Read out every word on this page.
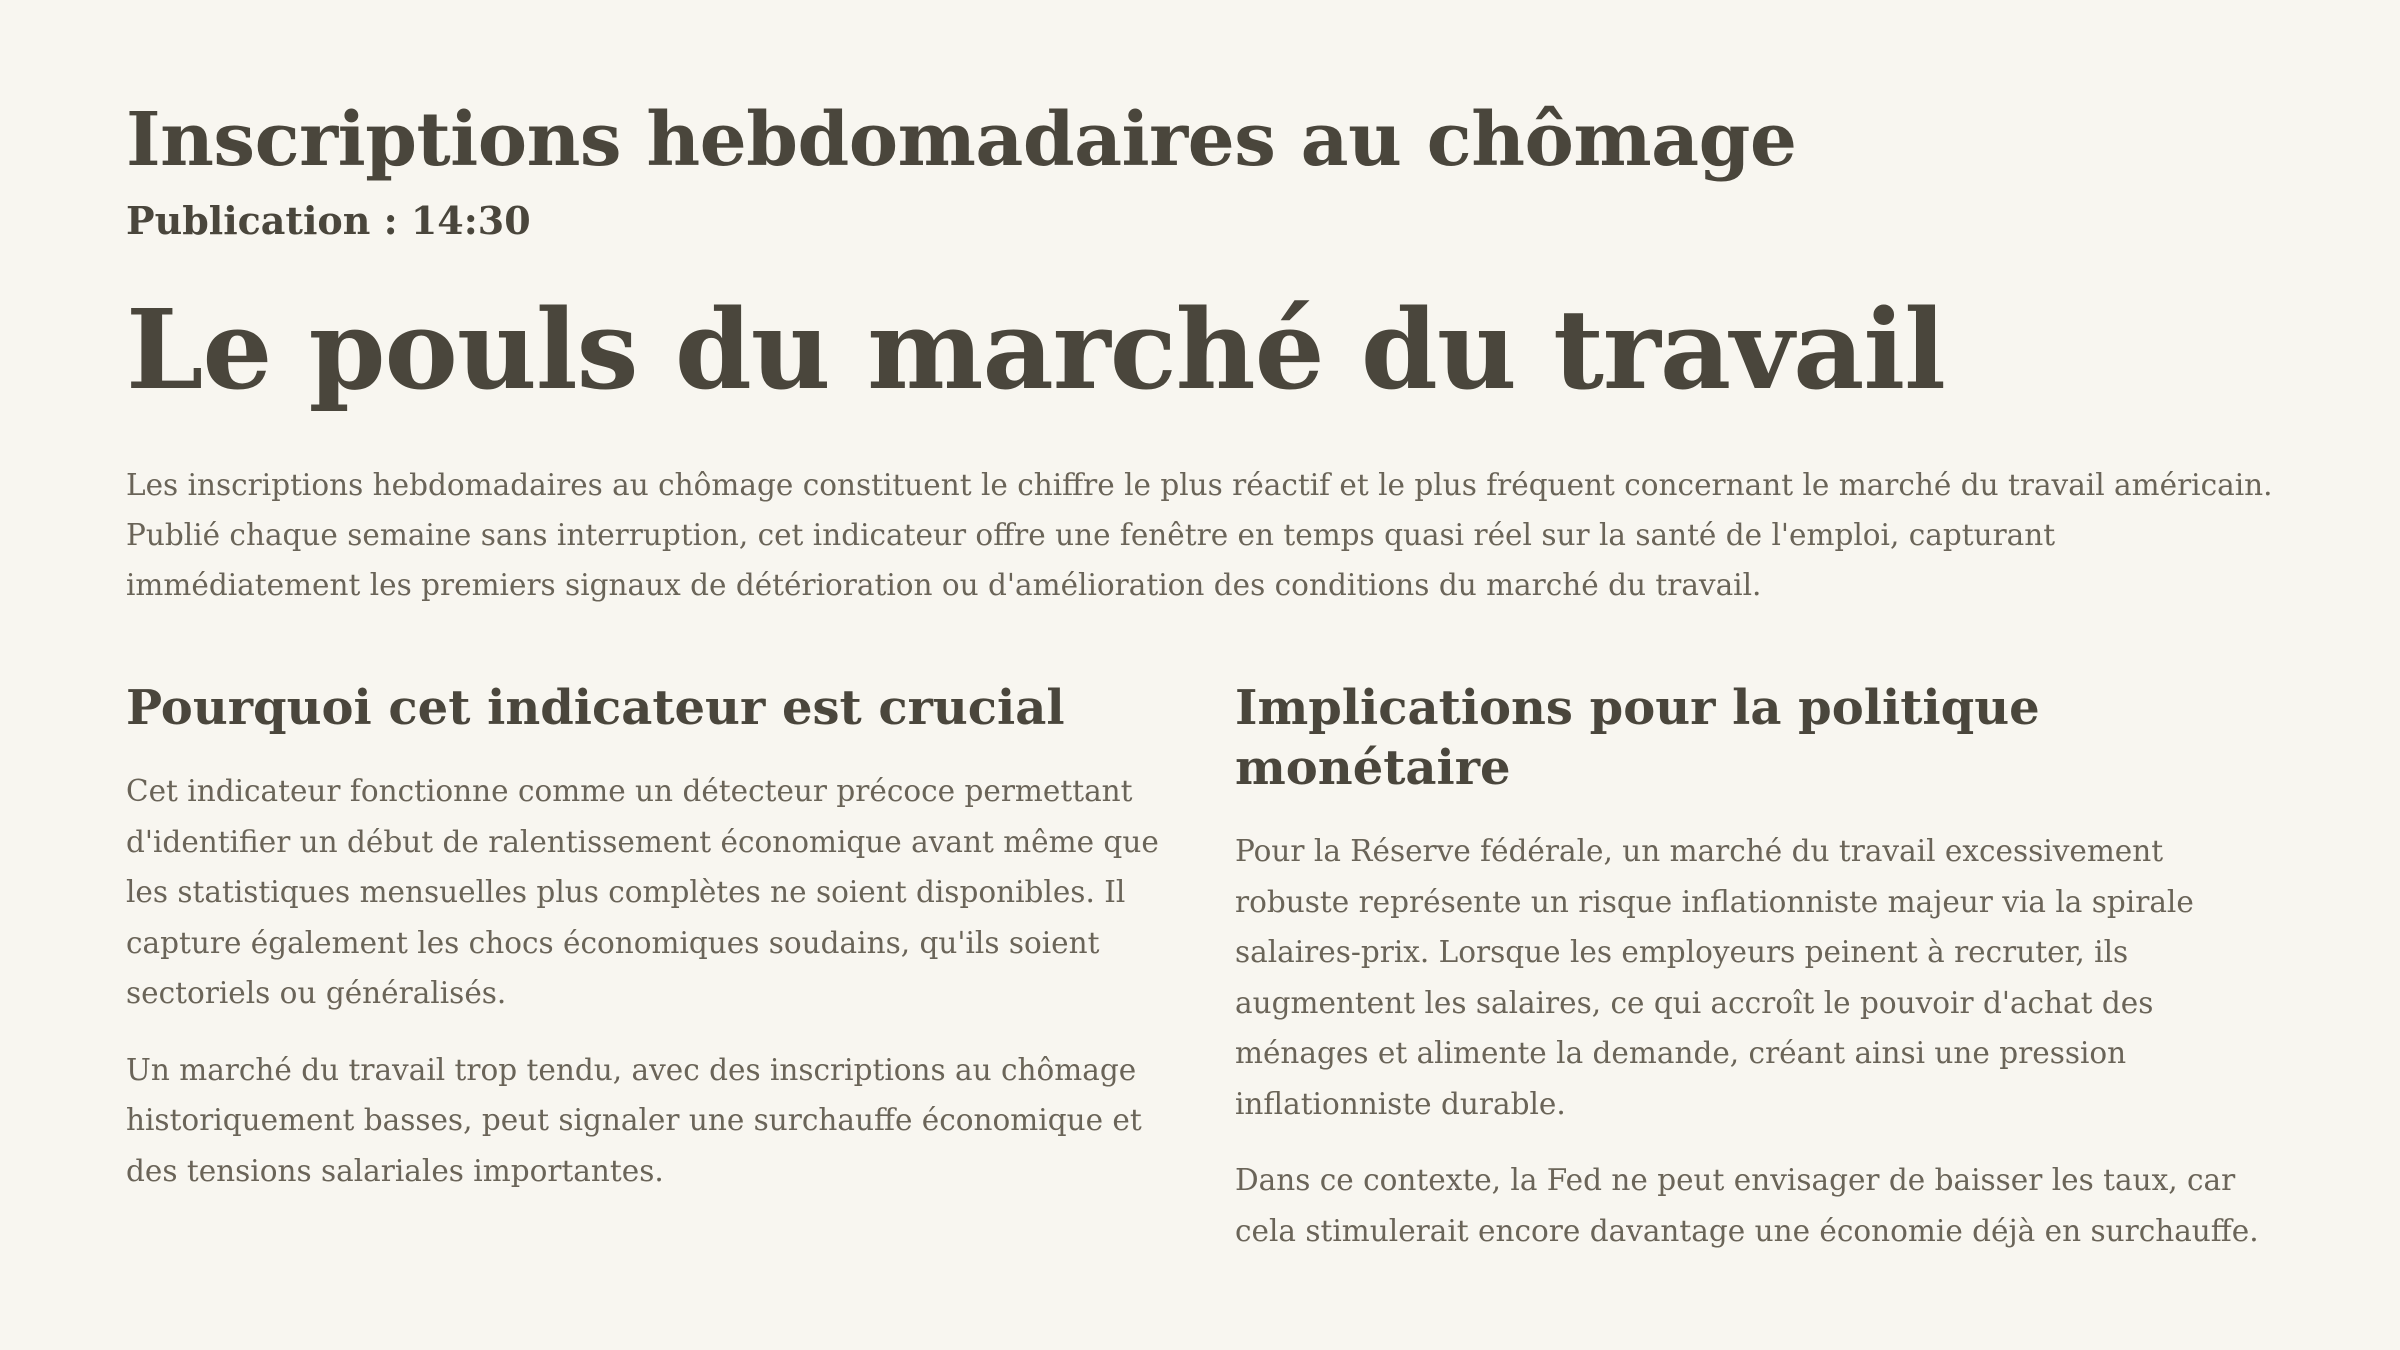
Inscriptions hebdomadaires au chômage
Publication : 14:30
Le pouls du marché du travail

Les inscriptions hebdomadaires au chômage constituent le chiffre le plus réactif et le plus fréquent concernant le marché du travail américain. Publié chaque semaine sans interruption, cet indicateur offre une fenêtre en temps quasi réel sur la santé de l'emploi, capturant immédiatement les premiers signaux de détérioration ou d'amélioration des conditions du marché du travail.

Pourquoi cet indicateur est crucial

Cet indicateur fonctionne comme un détecteur précoce permettant d'identifier un début de ralentissement économique avant même que les statistiques mensuelles plus complètes ne soient disponibles. Il capture également les chocs économiques soudains, qu'ils soient sectoriels ou généralisés.

Un marché du travail trop tendu, avec des inscriptions au chômage historiquement basses, peut signaler une surchauffe économique et des tensions salariales importantes.

Implications pour la politique monétaire

Pour la Réserve fédérale, un marché du travail excessivement robuste représente un risque inflationniste majeur via la spirale salaires-prix. Lorsque les employeurs peinent à recruter, ils augmentent les salaires, ce qui accroît le pouvoir d'achat des ménages et alimente la demande, créant ainsi une pression inflationniste durable.

Dans ce contexte, la Fed ne peut envisager de baisser les taux, car cela stimulerait encore davantage une économie déjà en surchauffe.
